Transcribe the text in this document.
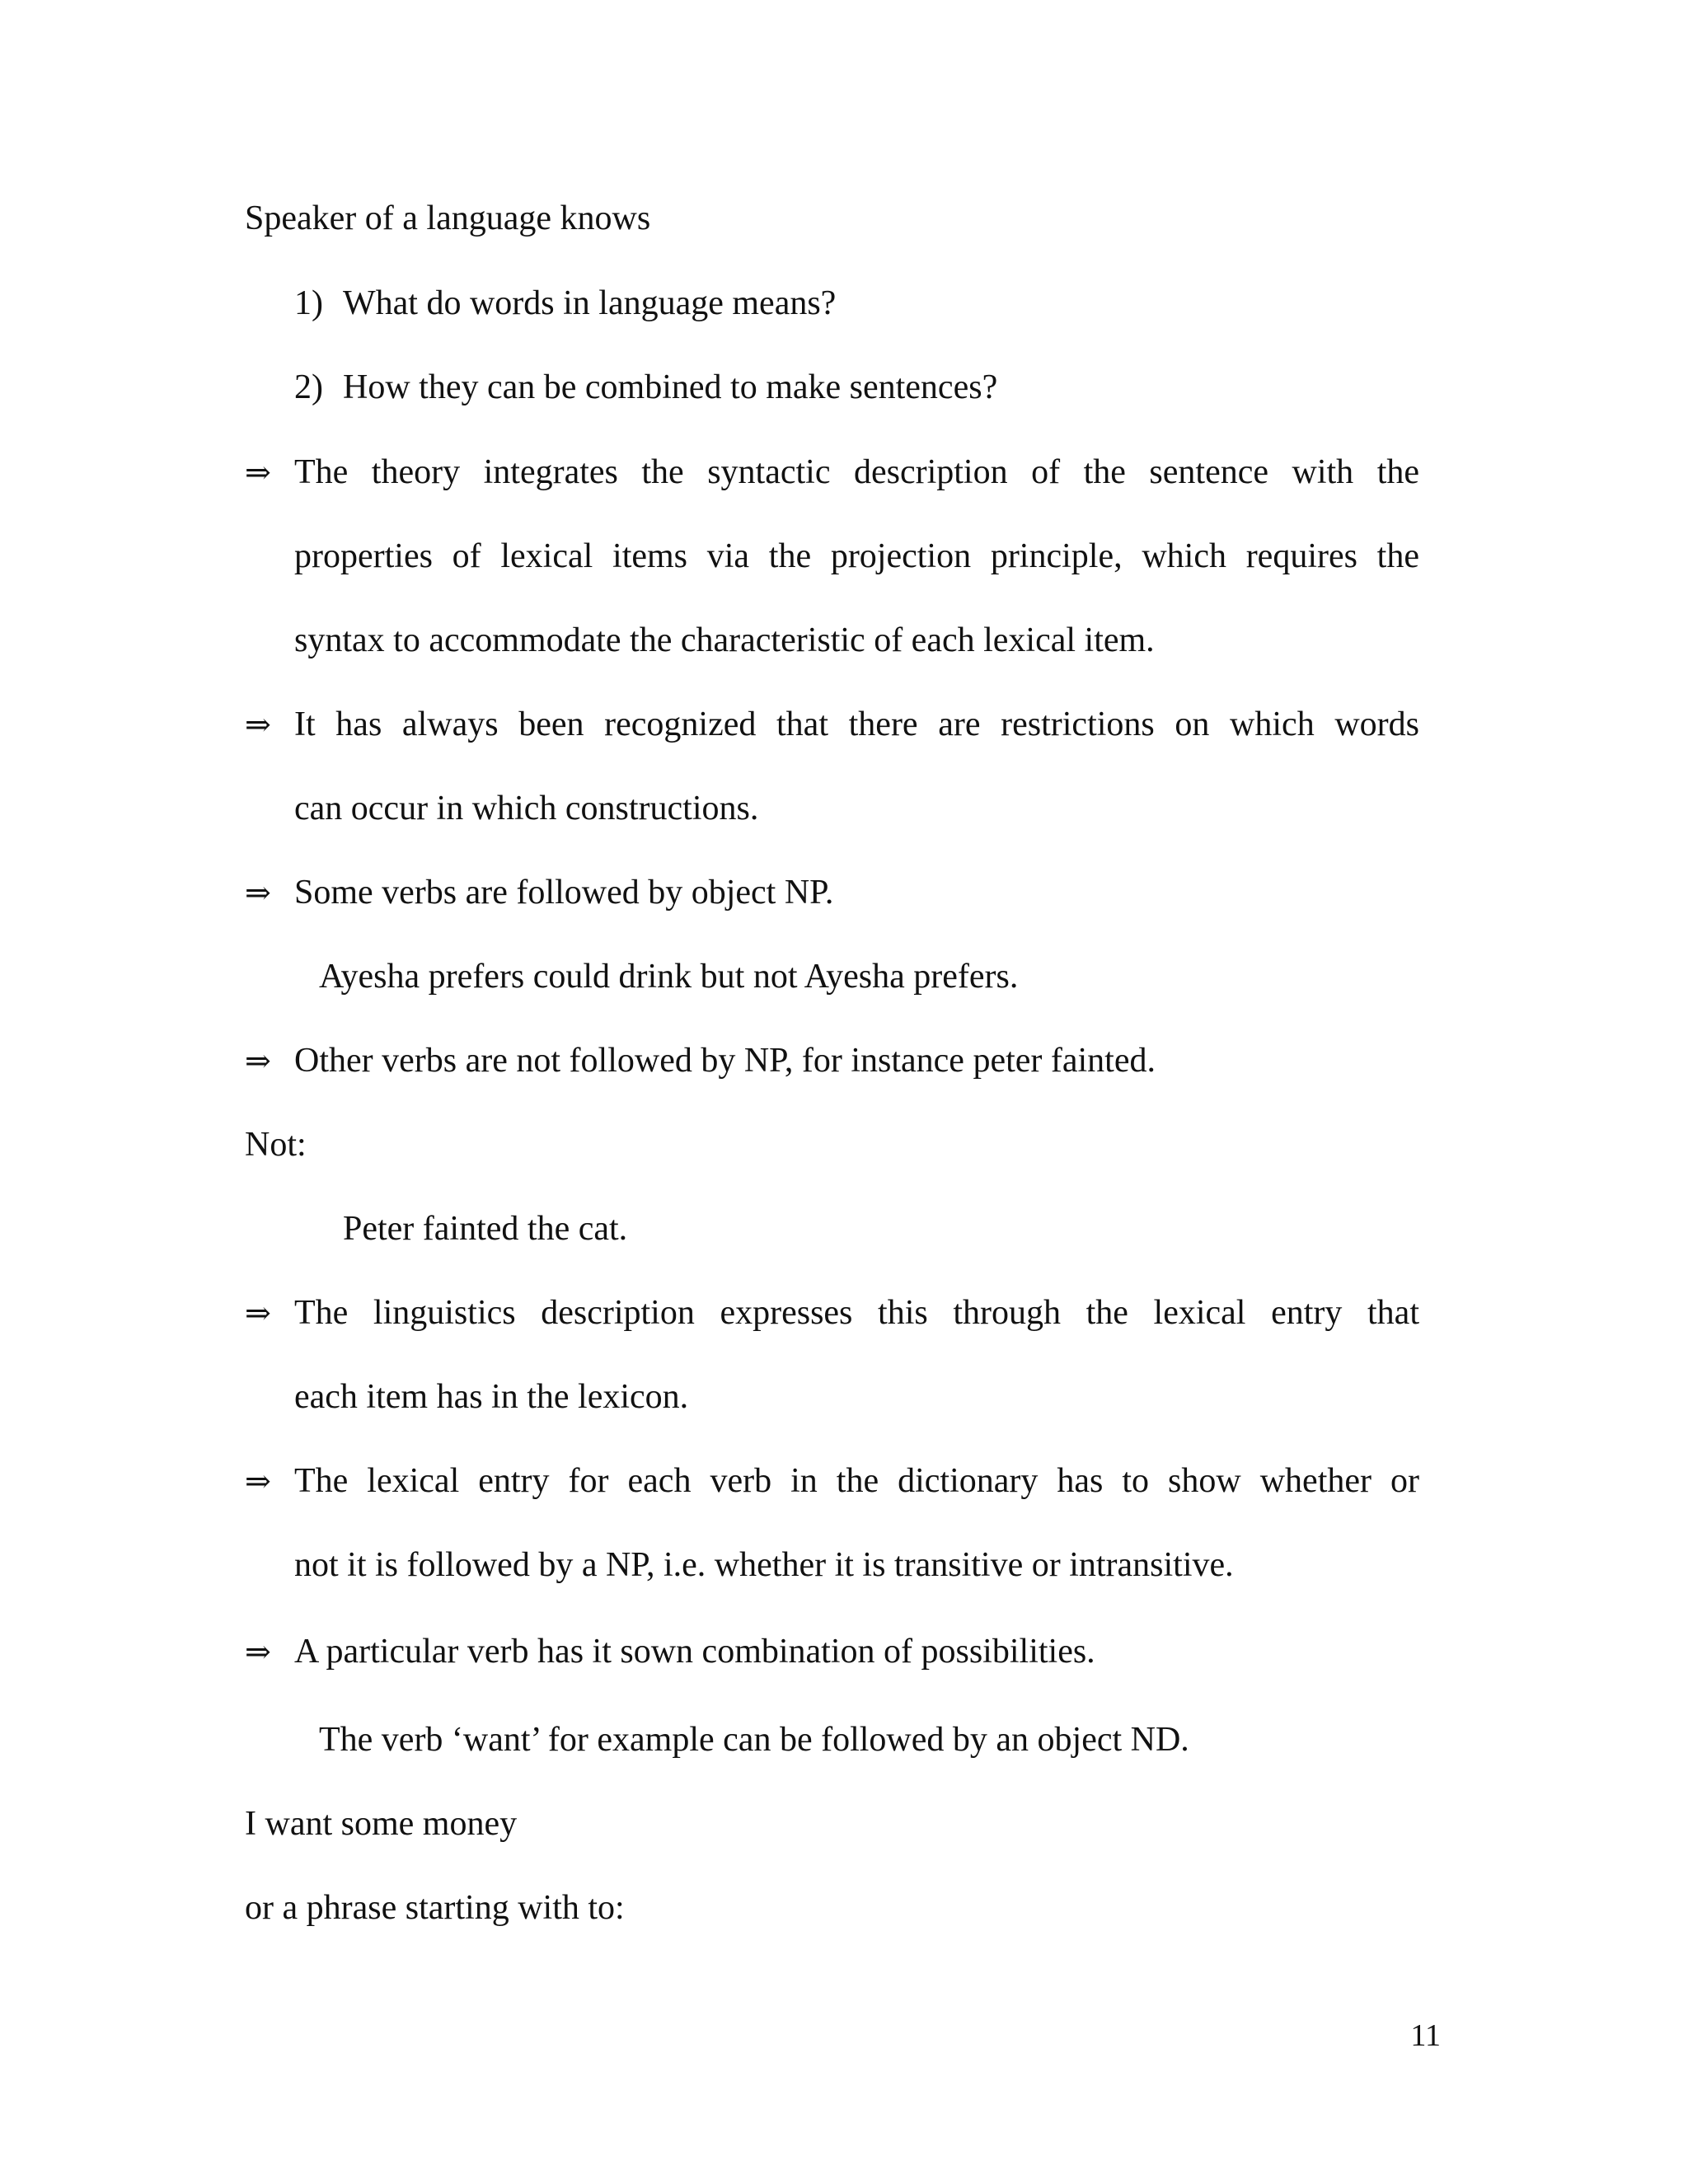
Speaker of a language knows
1) What do words in language means?
2) How they can be combined to make sentences?
⇒ The theory integrates the syntactic description of the sentence with the
properties of lexical items via the projection principle, which requires the
syntax to accommodate the characteristic of each lexical item.
⇒ It has always been recognized that there are restrictions on which words
can occur in which constructions.
⇒ Some verbs are followed by object NP.
Ayesha prefers could drink but not Ayesha prefers.
⇒ Other verbs are not followed by NP, for instance peter fainted.
Not:
Peter fainted the cat.
⇒ The linguistics description expresses this through the lexical entry that
each item has in the lexicon.
⇒ The lexical entry for each verb in the dictionary has to show whether or
not it is followed by a NP, i.e. whether it is transitive or intransitive.
⇒ A particular verb has it sown combination of possibilities.
The verb ‘want’ for example can be followed by an object ND.
I want some money
or a phrase starting with to:
11
